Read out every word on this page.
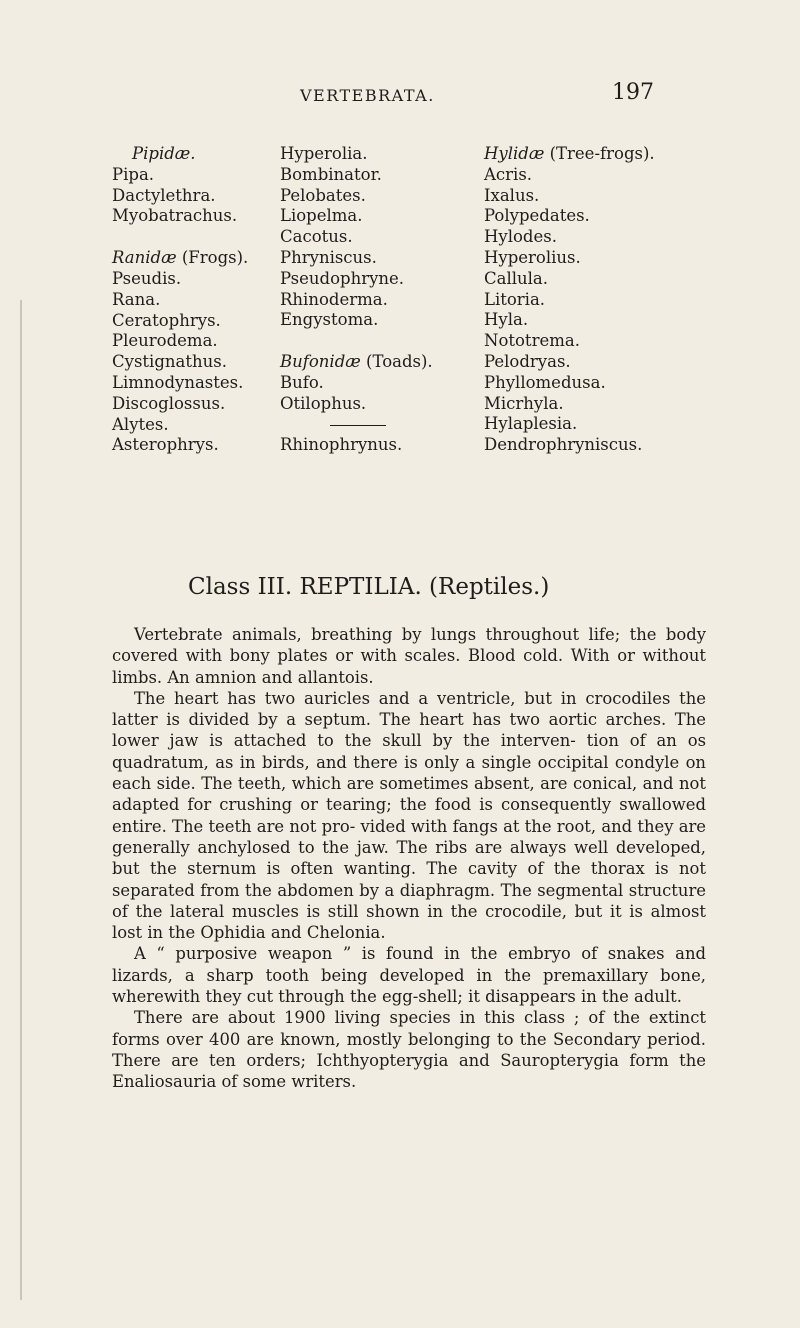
VERTEBRATA.	197
Pipidæ.
Pipa.
Dactylethra.
Myobatrachus.
Ranidæ (Frogs).
Pseudis.
Rana.
Ceratophrys.
Pleurodema.
Cystignathus.
Limnodynastes.
Discoglossus.
Alytes.
Asterophrys.
Hyperolia.
Bombinator.
Pelobates.
Liopelma.
Cacotus.
Phryniscus.
Pseudophryne.
Rhinoderma.
Engystoma.
Bufonidæ (Toads).
Bufo.
Otilophus.
Rhinophrynus.
Hylidæ (Tree-frogs).
Acris.
Ixalus.
Polypedates.
Hylodes.
Hyperolius.
Callula.
Litoria.
Hyla.
Nototrema.
Pelodryas.
Phyllomedusa.
Micrhyla.
Hylaplesia.
Dendrophryniscus.
Class III. REPTILIA. (Reptiles.)

Vertebrate animals, breathing by lungs throughout life; the body covered with bony plates or with scales. Blood cold. With or without limbs. An amnion and allantois.

The heart has two auricles and a ventricle, but in crocodiles the latter is divided by a septum. The heart has two aortic arches. The lower jaw is attached to the skull by the interven- tion of an os quadratum, as in birds, and there is only a single occipital condyle on each side. The teeth, which are sometimes absent, are conical, and not adapted for crushing or tearing; the food is consequently swallowed entire. The teeth are not pro- vided with fangs at the root, and they are generally anchylosed to the jaw. The ribs are always well developed, but the sternum is often wanting. The cavity of the thorax is not separated from the abdomen by a diaphragm. The segmental structure of the lateral muscles is still shown in the crocodile, but it is almost lost in the Ophidia and Chelonia.

A “ purposive weapon ” is found in the embryo of snakes and lizards, a sharp tooth being developed in the premaxillary bone, wherewith they cut through the egg-shell; it disappears in the adult.

There are about 1900 living species in this class ; of the extinct forms over 400 are known, mostly belonging to the Secondary period. There are ten orders; Ichthyopterygia and Sauropterygia form the Enaliosauria of some writers.
